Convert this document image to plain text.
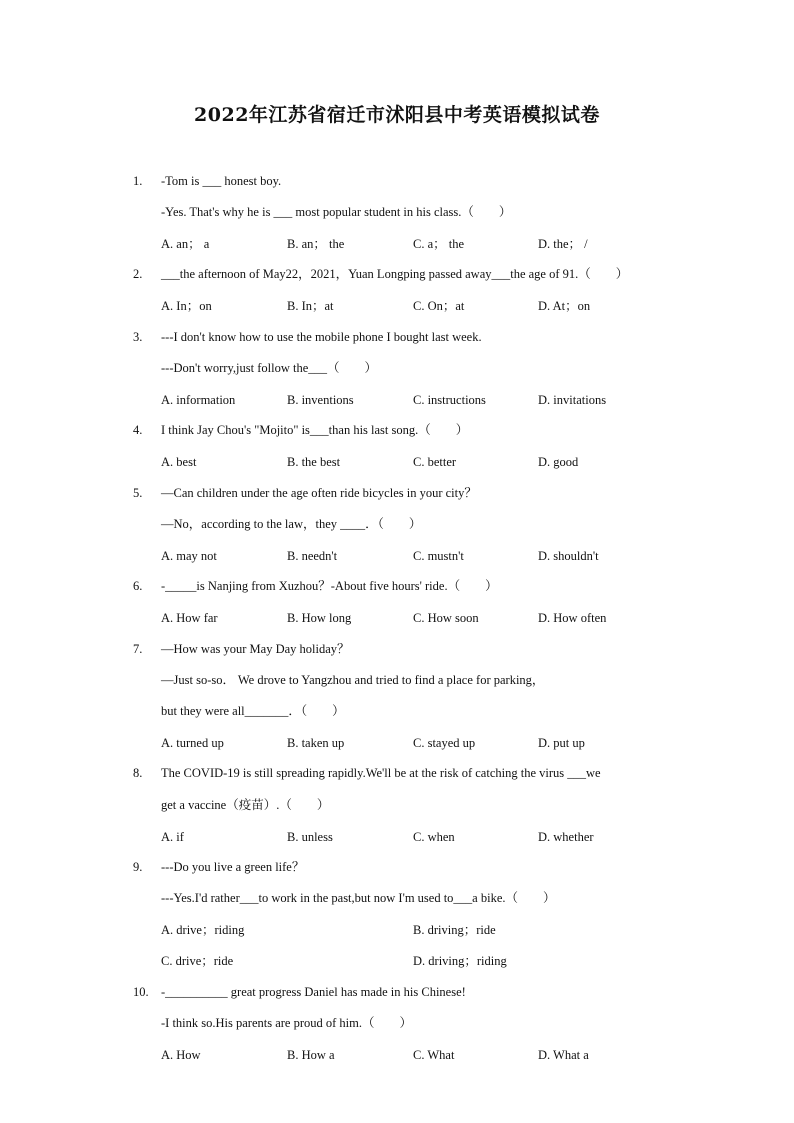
2022年江苏省宿迁市沭阳县中考英语模拟试卷
1. -Tom is ___ honest boy.
-Yes. That's why he is ___ most popular student in his class.（　　）
A. an； a	B. an； the	C. a； the	D. the； /
2. ___the afternoon of May22，2021，Yuan Longping passed away___the age of 91.（　　）
A. In；on	B. In；at	C. On；at	D. At；on
3. ---I don't know how to use the mobile phone I bought last week.
---Don't worry,just follow the___（　　）
A. information	B. inventions	C. instructions	D. invitations
4. I think Jay Chou's "Mojito" is___than his last song.（　　）
A. best	B. the best	C. better	D. good
5. —Can children under the age often ride bicycles in your city？
—No，according to the law，they ____．（　　）
A. may not	B. needn't	C. mustn't	D. shouldn't
6. -_____is Nanjing from Xuzhou？-About five hours' ride.（　　）
A. How far	B. How long	C. How soon	D. How often
7. —How was your May Day holiday？
—Just so-so． We drove to Yangzhou and tried to find a place for parking，
but they were all_______．（　　）
A. turned up	B. taken up	C. stayed up	D. put up
8. The COVID-19 is still spreading rapidly.We'll be at the risk of catching the virus ___we
get a vaccine（疫苗）.（　　）
A. if	B. unless	C. when	D. whether
9. ---Do you live a green life？
---Yes.I'd rather___to work in the past,but now I'm used to___a bike.（　　）
A. drive；riding	B. driving；ride
C. drive；ride	D. driving；riding
10. -__________ great progress Daniel has made in his Chinese!
-I think so.His parents are proud of him.（　　）
A. How	B. How a	C. What	D. What a
